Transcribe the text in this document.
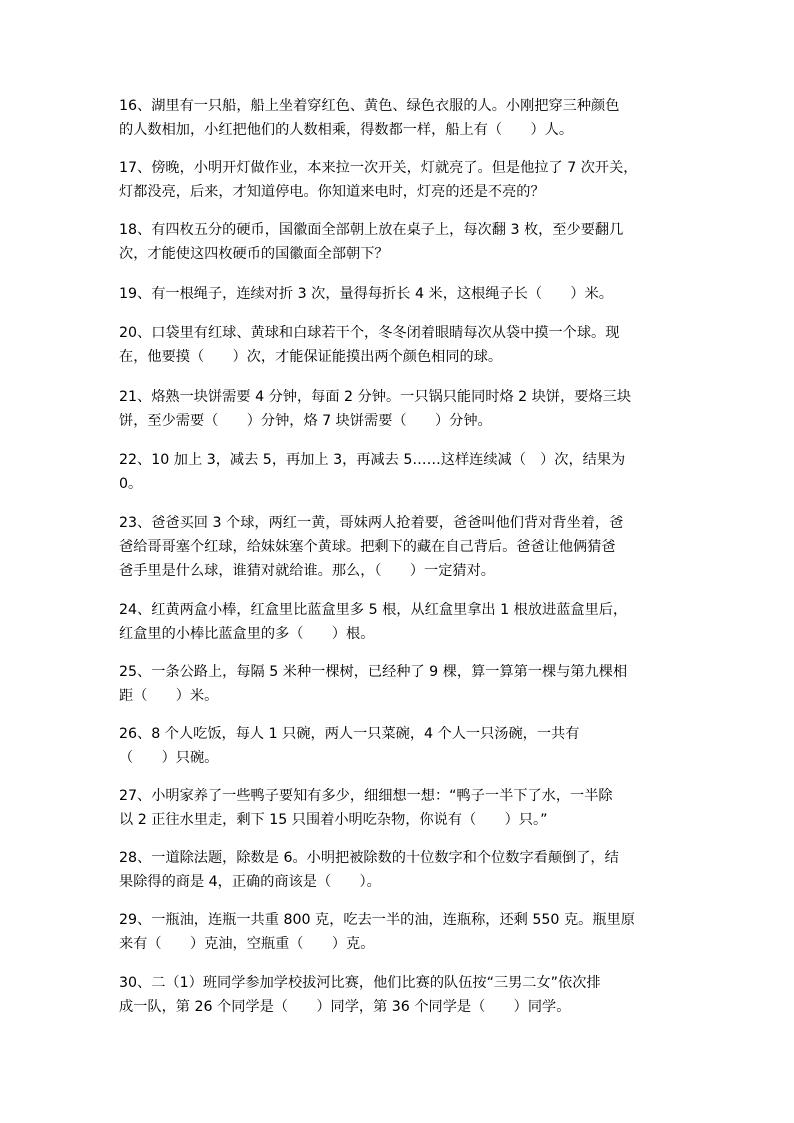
16、湖里有一只船，船上坐着穿红色、黄色、绿色衣服的人。小刚把穿三种颜色
的人数相加，小红把他们的人数相乘，得数都一样，船上有（　　）人。

17、傍晚，小明开灯做作业，本来拉一次开关，灯就亮了。但是他拉了 7 次开关，
灯都没亮，后来，才知道停电。你知道来电时，灯亮的还是不亮的？

18、有四枚五分的硬币，国徽面全部朝上放在桌子上，每次翻 3 枚，至少要翻几
次，才能使这四枚硬币的国徽面全部朝下？

19、有一根绳子，连续对折 3 次，量得每折长 4 米，这根绳子长（　　）米。

20、口袋里有红球、黄球和白球若干个，冬冬闭着眼睛每次从袋中摸一个球。现
在，他要摸（　　）次，才能保证能摸出两个颜色相同的球。

21、烙熟一块饼需要 4 分钟，每面 2 分钟。一只锅只能同时烙 2 块饼，要烙三块
饼，至少需要（　　）分钟，烙 7 块饼需要（　　）分钟。

22、10 加上 3，减去 5，再加上 3，再减去 5……这样连续减（　）次，结果为
0。

23、爸爸买回 3 个球，两红一黄，哥妹两人抢着要，爸爸叫他们背对背坐着，爸
爸给哥哥塞个红球，给妹妹塞个黄球。把剩下的藏在自己背后。爸爸让他俩猜爸
爸手里是什么球，谁猜对就给谁。那么，（　　）一定猜对。

24、红黄两盒小棒，红盒里比蓝盒里多 5 根，从红盒里拿出 1 根放进蓝盒里后，
红盒里的小棒比蓝盒里的多（　　）根。

25、一条公路上，每隔 5 米种一棵树，已经种了 9 棵，算一算第一棵与第九棵相
距（　　）米。

26、8 个人吃饭，每人 1 只碗，两人一只菜碗，4 个人一只汤碗，一共有
（　　）只碗。

27、小明家养了一些鸭子要知有多少，细细想一想：“鸭子一半下了水，一半除
以 2 正往水里走，剩下 15 只围着小明吃杂物，你说有（　　）只。”

28、一道除法题，除数是 6。小明把被除数的十位数字和个位数字看颠倒了，结
果除得的商是 4，正确的商该是（　　）。

29、一瓶油，连瓶一共重 800 克，吃去一半的油，连瓶称，还剩 550 克。瓶里原
来有（　　）克油，空瓶重（　　）克。

30、二（1）班同学参加学校拔河比赛，他们比赛的队伍按“三男二女”依次排
成一队，第 26 个同学是（　　）同学，第 36 个同学是（　　）同学。
